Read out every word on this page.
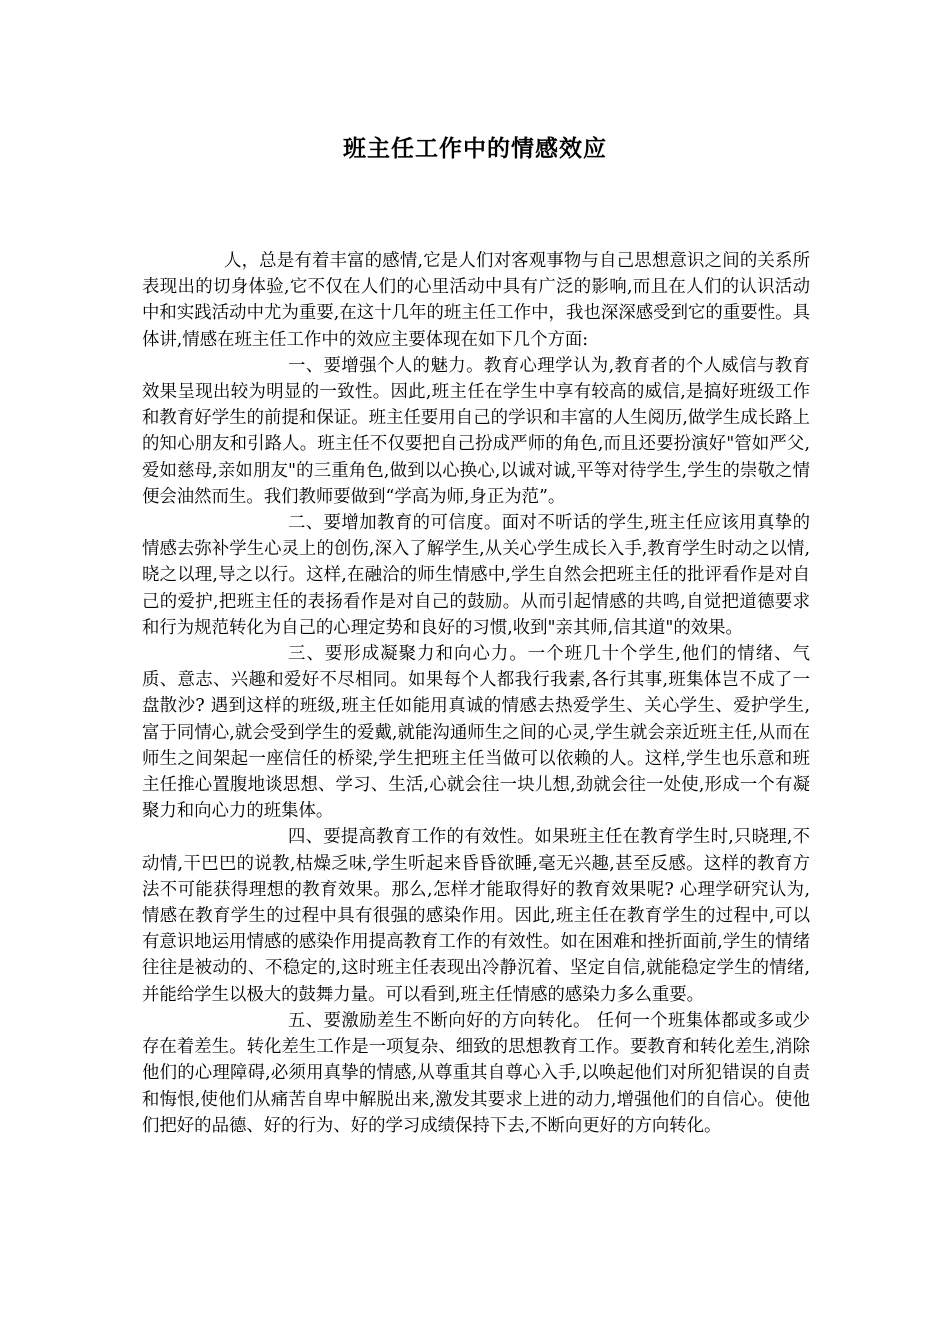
班主任工作中的情感效应

人，总是有着丰富的感情,它是人们对客观事物与自己思想意识之间的关系所表现出的切身体验,它不仅在人们的心里活动中具有广泛的影响,而且在人们的认识活动中和实践活动中尤为重要,在这十几年的班主任工作中，我也深深感受到它的重要性。具体讲,情感在班主任工作中的效应主要体现在如下几个方面:

一、要增强个人的魅力。教育心理学认为,教育者的个人威信与教育效果呈现出较为明显的一致性。因此,班主任在学生中享有较高的威信,是搞好班级工作和教育好学生的前提和保证。班主任要用自己的学识和丰富的人生阅历,做学生成长路上的知心朋友和引路人。班主任不仅要把自己扮成严师的角色,而且还要扮演好"管如严父,爱如慈母,亲如朋友"的三重角色,做到以心换心,以诚对诚,平等对待学生,学生的崇敬之情便会油然而生。我们教师要做到“学高为师,身正为范”。

二、要增加教育的可信度。面对不听话的学生,班主任应该用真挚的情感去弥补学生心灵上的创伤,深入了解学生,从关心学生成长入手,教育学生时动之以情,晓之以理,导之以行。这样,在融洽的师生情感中,学生自然会把班主任的批评看作是对自己的爱护,把班主任的表扬看作是对自己的鼓励。从而引起情感的共鸣,自觉把道德要求和行为规范转化为自己的心理定势和良好的习惯,收到"亲其师,信其道"的效果。

三、要形成凝聚力和向心力。一个班几十个学生,他们的情绪、气质、意志、兴趣和爱好不尽相同。如果每个人都我行我素,各行其事,班集体岂不成了一盘散沙? 遇到这样的班级,班主任如能用真诚的情感去热爱学生、关心学生、爱护学生,富于同情心,就会受到学生的爱戴,就能沟通师生之间的心灵,学生就会亲近班主任,从而在师生之间架起一座信任的桥梁,学生把班主任当做可以依赖的人。这样,学生也乐意和班主任推心置腹地谈思想、学习、生活,心就会往一块儿想,劲就会往一处使,形成一个有凝聚力和向心力的班集体。

四、要提高教育工作的有效性。如果班主任在教育学生时,只晓理,不动情,干巴巴的说教,枯燥乏味,学生听起来昏昏欲睡,毫无兴趣,甚至反感。这样的教育方法不可能获得理想的教育效果。那么,怎样才能取得好的教育效果呢? 心理学研究认为,情感在教育学生的过程中具有很强的感染作用。因此,班主任在教育学生的过程中,可以有意识地运用情感的感染作用提高教育工作的有效性。如在困难和挫折面前,学生的情绪往往是被动的、不稳定的,这时班主任表现出冷静沉着、坚定自信,就能稳定学生的情绪,并能给学生以极大的鼓舞力量。可以看到,班主任情感的感染力多么重要。

五、要激励差生不断向好的方向转化。 任何一个班集体都或多或少存在着差生。转化差生工作是一项复杂、细致的思想教育工作。要教育和转化差生,消除他们的心理障碍,必须用真挚的情感,从尊重其自尊心入手,以唤起他们对所犯错误的自责和悔恨,使他们从痛苦自卑中解脱出来,激发其要求上进的动力,增强他们的自信心。使他们把好的品德、好的行为、好的学习成绩保持下去,不断向更好的方向转化。
